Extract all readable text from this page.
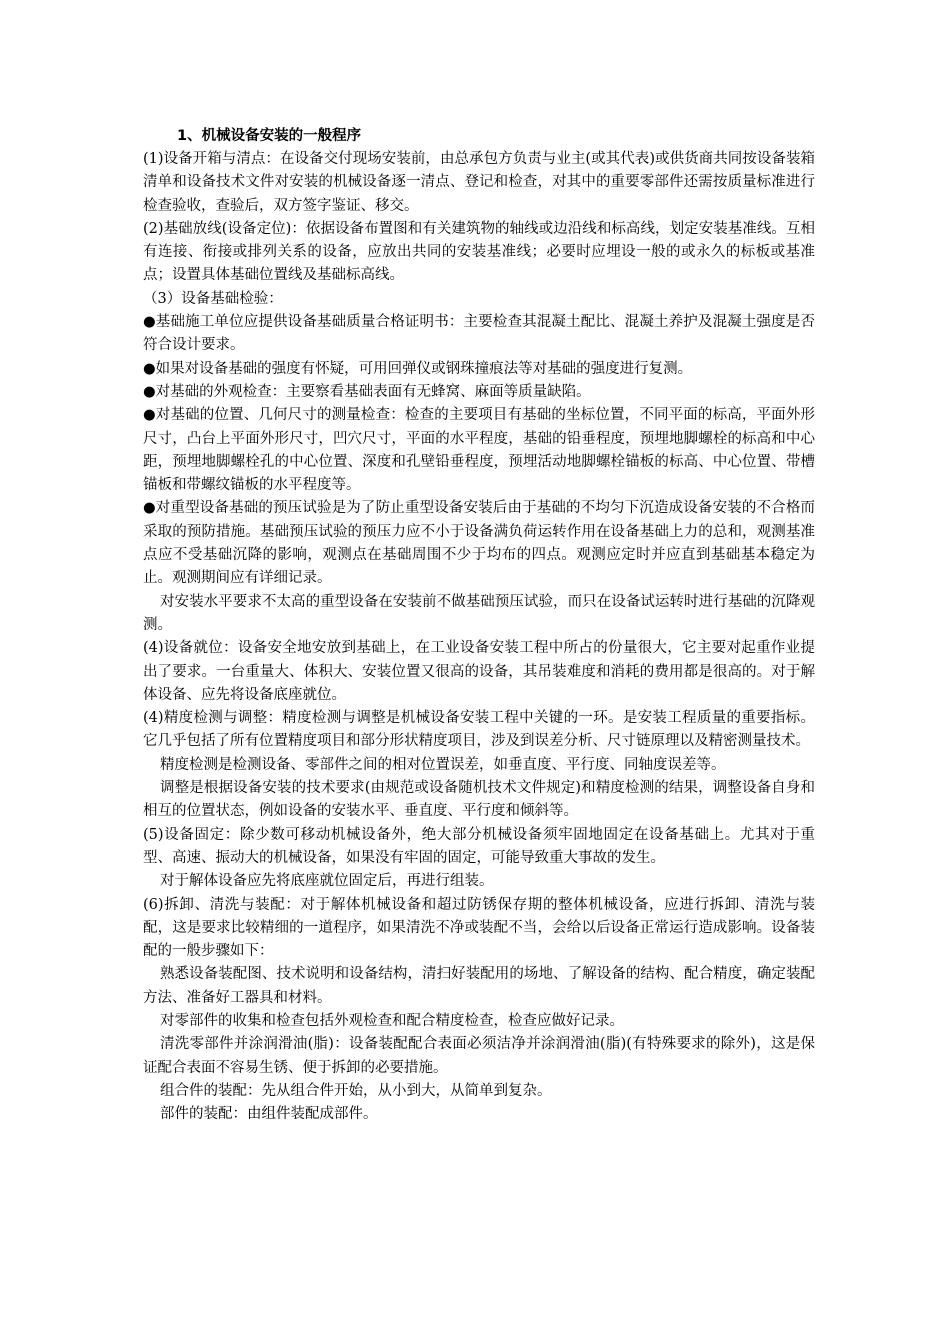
1、机械设备安装的一般程序

(1)设备开箱与清点：在设备交付现场安装前，由总承包方负责与业主(或其代表)或供货商共同按设备装箱清单和设备技术文件对安装的机械设备逐一清点、登记和检查，对其中的重要零部件还需按质量标准进行检查验收，查验后，双方签字鉴证、移交。

(2)基础放线(设备定位)：依据设备布置图和有关建筑物的轴线或边沿线和标高线，划定安装基准线。互相有连接、衔接或排列关系的设备，应放出共同的安装基准线；必要时应埋设一般的或永久的标板或基准点；设置具体基础位置线及基础标高线。

（3）设备基础检验：

●基础施工单位应提供设备基础质量合格证明书：主要检查其混凝土配比、混凝土养护及混凝土强度是否符合设计要求。

●如果对设备基础的强度有怀疑，可用回弹仪或钢珠撞痕法等对基础的强度进行复测。

●对基础的外观检查：主要察看基础表面有无蜂窝、麻面等质量缺陷。

●对基础的位置、几何尺寸的测量检查：检查的主要项目有基础的坐标位置，不同平面的标高，平面外形尺寸，凸台上平面外形尺寸，凹穴尺寸，平面的水平程度，基础的铅垂程度，预埋地脚螺栓的标高和中心距，预埋地脚螺栓孔的中心位置、深度和孔壁铅垂程度，预埋活动地脚螺栓锚板的标高、中心位置、带槽锚板和带螺纹锚板的水平程度等。

●对重型设备基础的预压试验是为了防止重型设备安装后由于基础的不均匀下沉造成设备安装的不合格而采取的预防措施。基础预压试验的预压力应不小于设备满负荷运转作用在设备基础上力的总和，观测基准点应不受基础沉降的影响，观测点在基础周围不少于均布的四点。观测应定时并应直到基础基本稳定为止。观测期间应有详细记录。

对安装水平要求不太高的重型设备在安装前不做基础预压试验，而只在设备试运转时进行基础的沉降观测。

(4)设备就位：设备安全地安放到基础上，在工业设备安装工程中所占的份量很大，它主要对起重作业提出了要求。一台重量大、体积大、安装位置又很高的设备，其吊装难度和消耗的费用都是很高的。对于解体设备、应先将设备底座就位。

(4)精度检测与调整：精度检测与调整是机械设备安装工程中关键的一环。是安装工程质量的重要指标。它几乎包括了所有位置精度项目和部分形状精度项目，涉及到误差分析、尺寸链原理以及精密测量技术。

精度检测是检测设备、零部件之间的相对位置误差，如垂直度、平行度、同轴度误差等。

调整是根据设备安装的技术要求(由规范或设备随机技术文件规定)和精度检测的结果，调整设备自身和相互的位置状态，例如设备的安装水平、垂直度、平行度和倾斜等。

(5)设备固定：除少数可移动机械设备外，绝大部分机械设备须牢固地固定在设备基础上。尤其对于重型、高速、振动大的机械设备，如果没有牢固的固定，可能导致重大事故的发生。

对于解体设备应先将底座就位固定后，再进行组装。

(6)拆卸、清洗与装配：对于解体机械设备和超过防锈保存期的整体机械设备，应进行拆卸、清洗与装配，这是要求比较精细的一道程序，如果清洗不净或装配不当，会给以后设备正常运行造成影响。设备装配的一般步骤如下：

熟悉设备装配图、技术说明和设备结构，清扫好装配用的场地、了解设备的结构、配合精度，确定装配方法、准备好工器具和材料。

对零部件的收集和检查包括外观检查和配合精度检查，检查应做好记录。

清洗零部件并涂润滑油(脂)：设备装配配合表面必须洁净并涂润滑油(脂)(有特殊要求的除外)，这是保证配合表面不容易生锈、便于拆卸的必要措施。

组合件的装配：先从组合件开始，从小到大，从简单到复杂。

部件的装配：由组件装配成部件。
